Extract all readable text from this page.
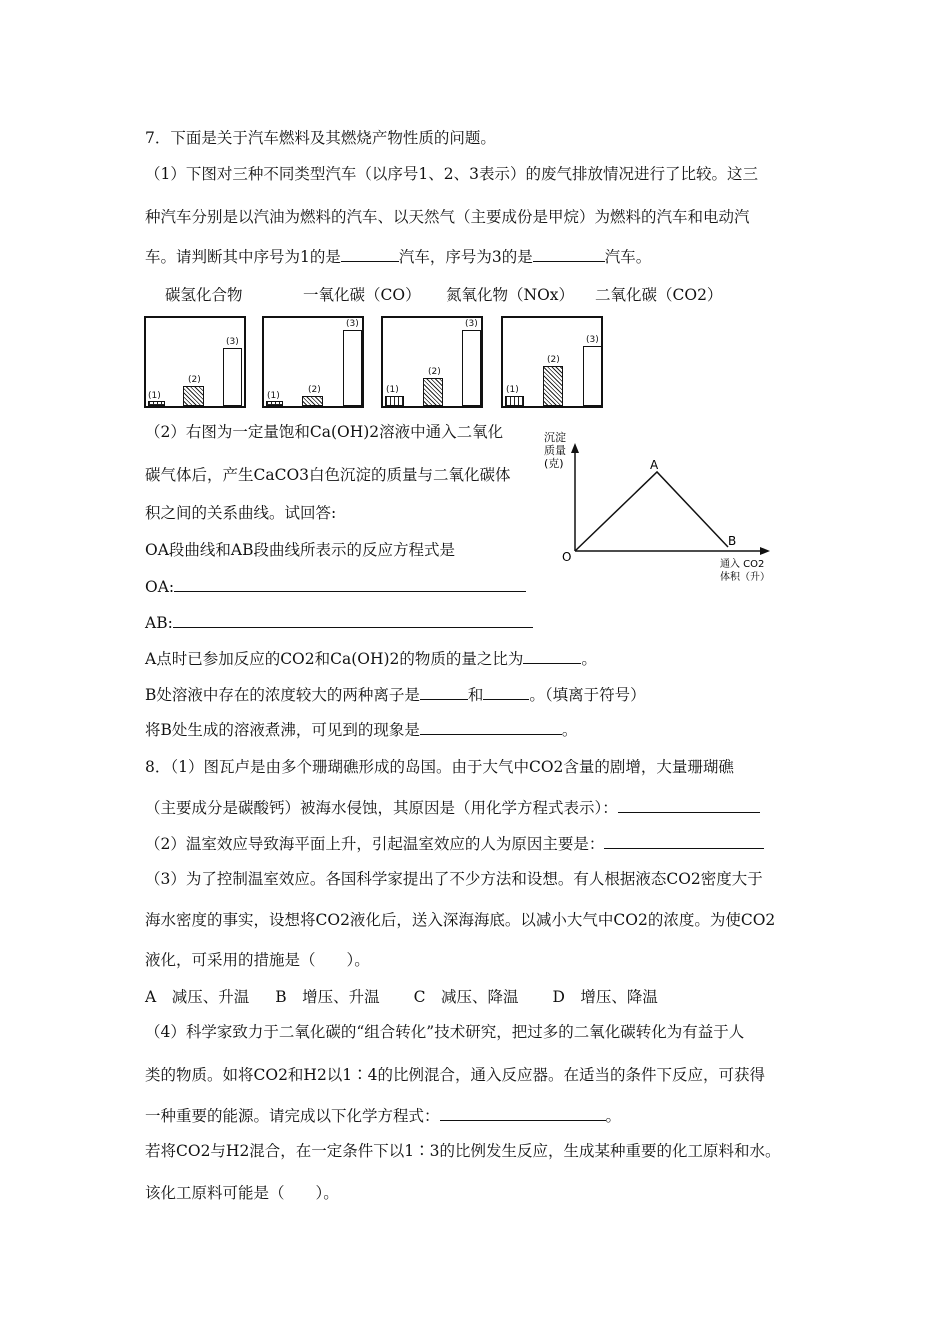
7．下面是关于汽车燃料及其燃烧产物性质的问题。
（1）下图对三种不同类型汽车（以序号1、2、3表示）的废气排放情况进行了比较。这三
种汽车分别是以汽油为燃料的汽车、以天然气（主要成份是甲烷）为燃料的汽车和电动汽
车。请判断其中序号为1的是	汽车，序号为3的是	汽车。
碳氢化合物	一氧化碳（CO） 氮氧化物（NOx） 二氧化碳（CO2）
(1)
(2)
(3)
(1)
(2)
(3)
(1)
(2)
(3)
(1)
(2)
(3)
（2）右图为一定量饱和Ca(OH)2溶液中通入二氧化
碳气体后，产生CaCO3白色沉淀的质量与二氧化碳体
积之间的关系曲线。试回答:
OA段曲线和AB段曲线所表示的反应方程式是
OA:
AB:
A点时已参加反应的CO2和Ca(OH)2的物质的量之比为	。
B处溶液中存在的浓度较大的两种离子是	和	。（填离于符号）
将B处生成的溶液煮沸，可见到的现象是	。
沉淀
质量
(克)	A
B
O
通入 CO2
体积（升）
8．（1）图瓦卢是由多个珊瑚礁形成的岛国。由于大气中CO2含量的剧增，大量珊瑚礁
（主要成分是碳酸钙）被海水侵蚀，其原因是（用化学方程式表示）：
（2）温室效应导致海平面上升，引起温室效应的人为原因主要是：
（3）为了控制温室效应。各国科学家提出了不少方法和设想。有人根据液态CO2密度大于
海水密度的事实，设想将CO2液化后，送入深海海底。以减小大气中CO2的浓度。为使CO2
液化，可采用的措施是（　　）。
A　减压、升温 B　增压、升温 C　减压、降温 D　增压、降温
（4）科学家致力于二氧化碳的“组合转化”技术研究，把过多的二氧化碳转化为有益于人
类的物质。如将CO2和H2以1∶4的比例混合，通入反应器。在适当的条件下反应，可获得
一种重要的能源。请完成以下化学方程式：	。
若将CO2与H2混合，在一定条件下以1∶3的比例发生反应，生成某种重要的化工原料和水。
该化工原料可能是（　　）。
